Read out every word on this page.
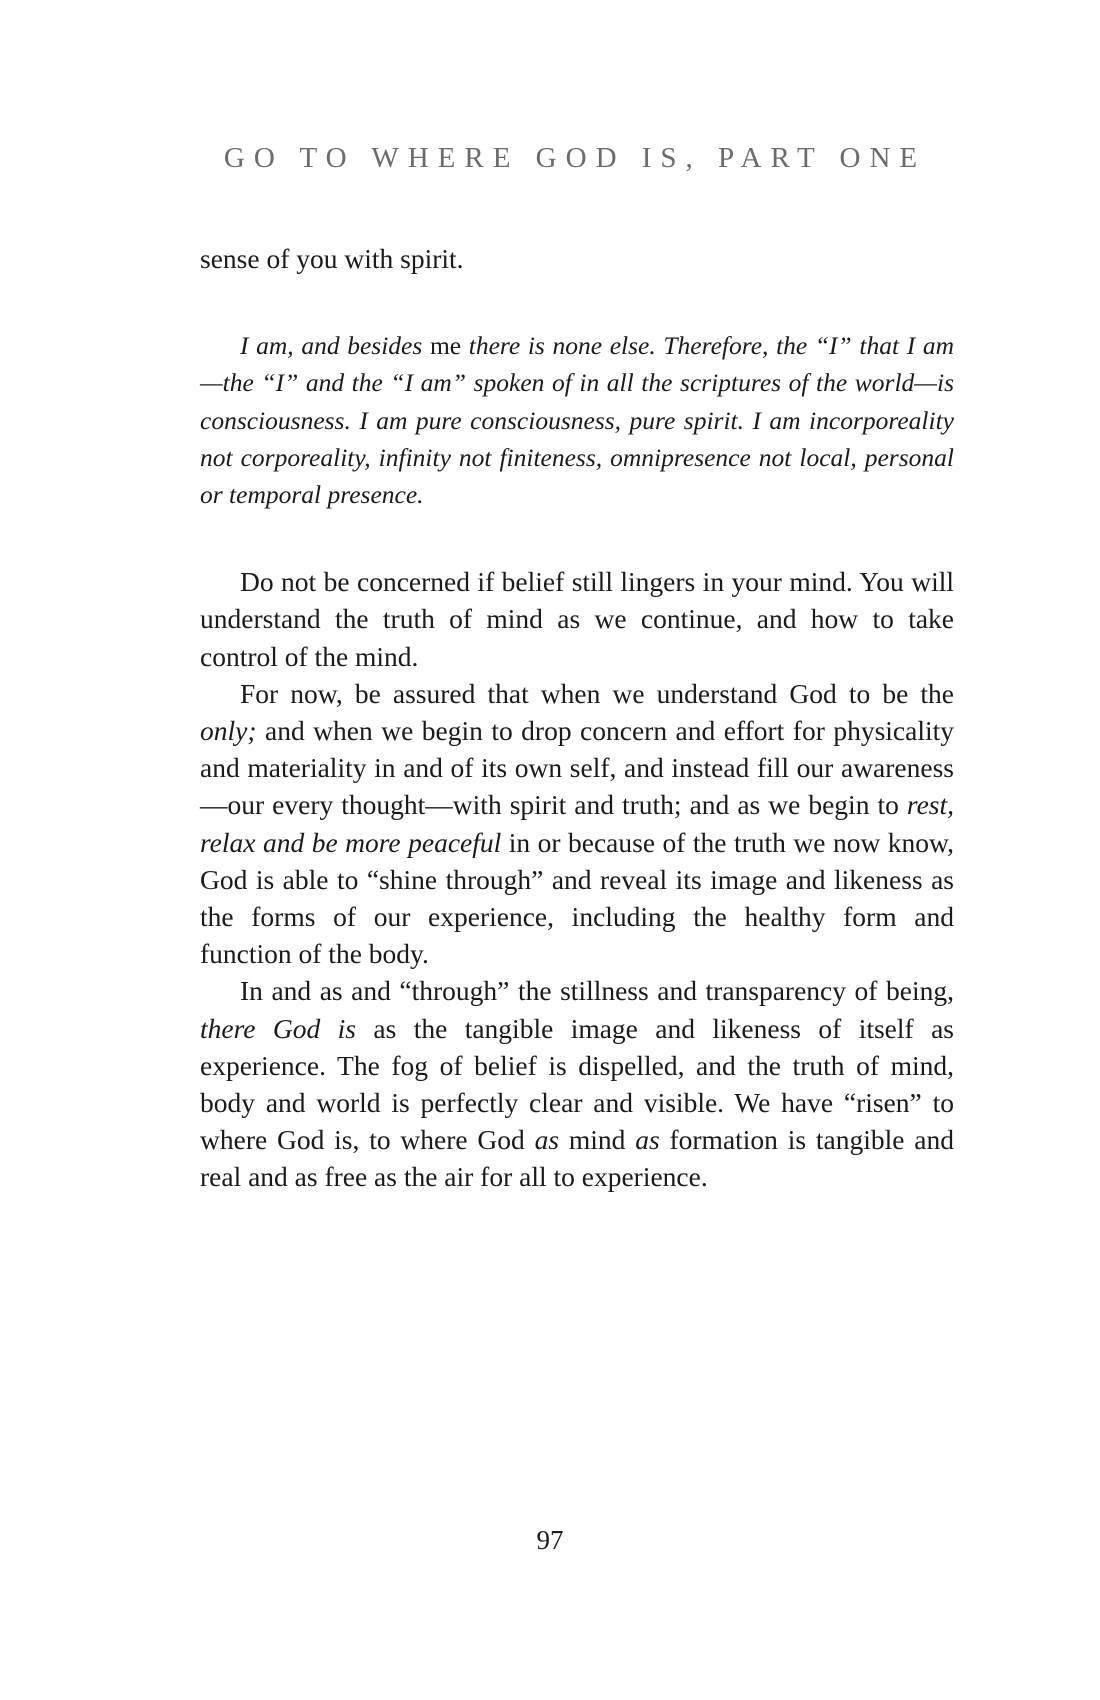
GO TO WHERE GOD IS, PART ONE

sense of you with spirit.

I am, and besides me there is none else. Therefore, the “I” that I am—the “I” and the “I am” spoken of in all the scriptures of the world—is consciousness. I am pure consciousness, pure spirit. I am incorporeality not corporeality, infinity not finiteness, omnipresence not local, personal or temporal presence.

Do not be concerned if belief still lingers in your mind. You will understand the truth of mind as we continue, and how to take control of the mind.

For now, be assured that when we understand God to be the only; and when we begin to drop concern and effort for physicality and materiality in and of its own self, and instead fill our awareness—our every thought—with spirit and truth; and as we begin to rest, relax and be more peaceful in or because of the truth we now know, God is able to “shine through” and reveal its image and likeness as the forms of our experience, including the healthy form and function of the body.

In and as and “through” the stillness and transparency of being, there God is as the tangible image and likeness of itself as experience. The fog of belief is dispelled, and the truth of mind, body and world is perfectly clear and visible. We have “risen” to where God is, to where God as mind as formation is tangible and real and as free as the air for all to experience.

97
